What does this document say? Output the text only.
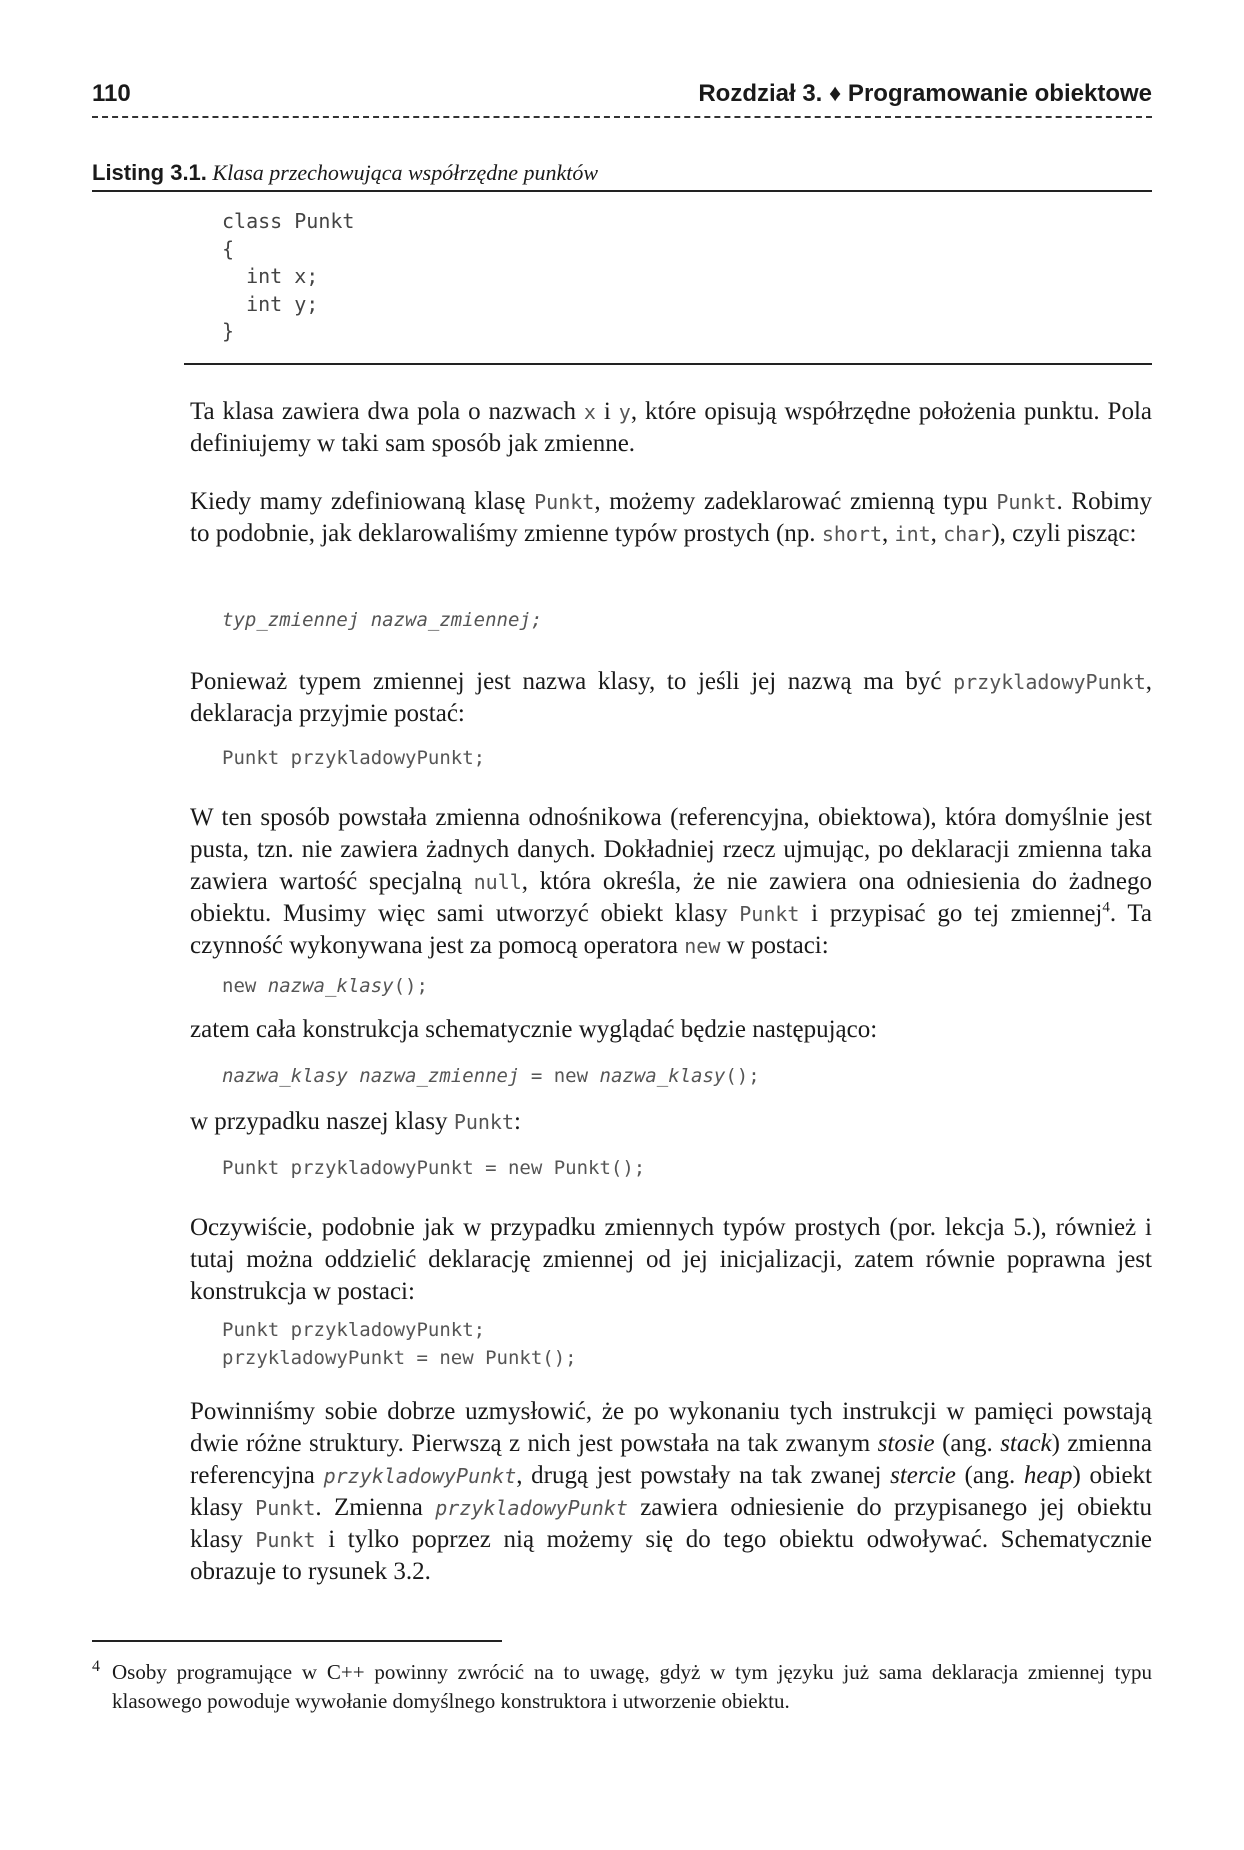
110	Rozdział 3. ♦ Programowanie obiektowe
Listing 3.1. Klasa przechowująca współrzędne punktów
class Punkt
{
int x;
int y;
}

Ta klasa zawiera dwa pola o nazwach x i y, które opisują współrzędne położenia punktu. Pola definiujemy w taki sam sposób jak zmienne.

Kiedy mamy zdefiniowaną klasę Punkt, możemy zadeklarować zmienną typu Punkt. Robimy to podobnie, jak deklarowaliśmy zmienne typów prostych (np. short, int, char), czyli pisząc:

typ_zmiennej nazwa_zmiennej;

Ponieważ typem zmiennej jest nazwa klasy, to jeśli jej nazwą ma być przykladowyPunkt, deklaracja przyjmie postać:

Punkt przykladowyPunkt;

W ten sposób powstała zmienna odnośnikowa (referencyjna, obiektowa), która domyślnie jest pusta, tzn. nie zawiera żadnych danych. Dokładniej rzecz ujmując, po deklaracji zmienna taka zawiera wartość specjalną null, która określa, że nie zawiera ona odniesienia do żadnego obiektu. Musimy więc sami utworzyć obiekt klasy Punkt i przypisać go tej zmiennej$^4$. Ta czynność wykonywana jest za pomocą operatora new w postaci:

new nazwa_klasy();

zatem cała konstrukcja schematycznie wyglądać będzie następująco:

nazwa_klasy nazwa_zmiennej = new nazwa_klasy();

w przypadku naszej klasy Punkt:

Punkt przykladowyPunkt = new Punkt();

Oczywiście, podobnie jak w przypadku zmiennych typów prostych (por. lekcja 5.), również i tutaj można oddzielić deklarację zmiennej od jej inicjalizacji, zatem równie poprawna jest konstrukcja w postaci:

Punkt przykladowyPunkt;
przykladowyPunkt = new Punkt();

Powinniśmy sobie dobrze uzmysłowić, że po wykonaniu tych instrukcji w pamięci powstają dwie różne struktury. Pierwszą z nich jest powstała na tak zwanym stosie (ang. stack) zmienna referencyjna przykladowyPunkt, drugą jest powstały na tak zwanej stercie (ang. heap) obiekt klasy Punkt. Zmienna przykladowyPunkt zawiera odniesienie do przypisanego jej obiektu klasy Punkt i tylko poprzez nią możemy się do tego obiektu odwoływać. Schematycznie obrazuje to rysunek 3.2.

4 Osoby programujące w C++ powinny zwrócić na to uwagę, gdyż w tym języku już sama deklaracja zmiennej typu klasowego powoduje wywołanie domyślnego konstruktora i utworzenie obiektu.
